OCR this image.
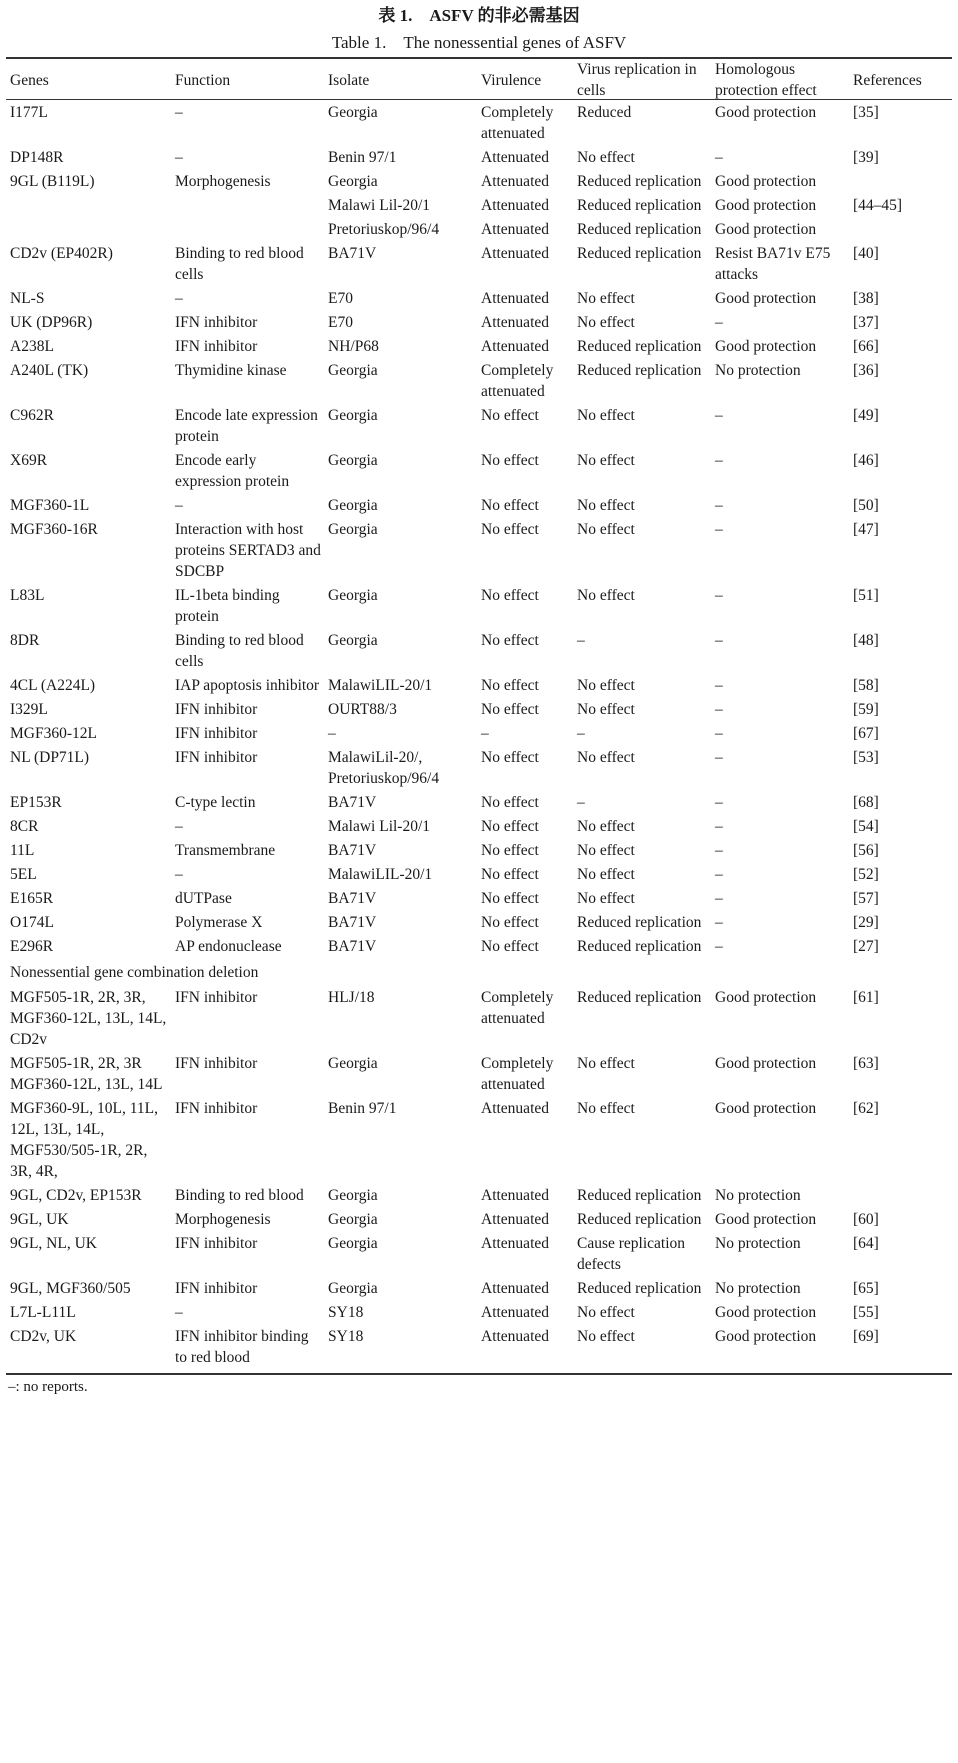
表 1.　ASFV 的非必需基因
Table 1.　The nonessential genes of ASFV
Genes	Function	Isolate	Virulence	Virus replication in cells	Homologous protection effect	References
I177L	–	Georgia	Completely attenuated	Reduced	Good protection	[35]
DP148R	–	Benin 97/1	Attenuated	No effect	–	[39]
9GL (B119L)	Morphogenesis	Georgia	Attenuated	Reduced replication	Good protection	
		Malawi Lil-20/1	Attenuated	Reduced replication	Good protection	[44–45]
		Pretoriuskop/96/4	Attenuated	Reduced replication	Good protection	
CD2v (EP402R)	Binding to red blood cells	BA71V	Attenuated	Reduced replication	Resist BA71v E75 attacks	[40]
NL-S	–	E70	Attenuated	No effect	Good protection	[38]
UK (DP96R)	IFN inhibitor	E70	Attenuated	No effect	–	[37]
A238L	IFN inhibitor	NH/P68	Attenuated	Reduced replication	Good protection	[66]
A240L (TK)	Thymidine kinase	Georgia	Completely attenuated	Reduced replication	No protection	[36]
C962R	Encode late expression protein	Georgia	No effect	No effect	–	[49]
X69R	Encode early expression protein	Georgia	No effect	No effect	–	[46]
MGF360-1L	–	Georgia	No effect	No effect	–	[50]
MGF360-16R	Interaction with host proteins SERTAD3 and SDCBP	Georgia	No effect	No effect	–	[47]
L83L	IL-1beta binding protein	Georgia	No effect	No effect	–	[51]
8DR	Binding to red blood cells	Georgia	No effect	–	–	[48]
4CL (A224L)	IAP apoptosis inhibitor	MalawiLIL-20/1	No effect	No effect	–	[58]
I329L	IFN inhibitor	OURT88/3	No effect	No effect	–	[59]
MGF360-12L	IFN inhibitor	–	–	–	–	[67]
NL (DP71L)	IFN inhibitor	MalawiLil-20/, Pretoriuskop/96/4	No effect	No effect	–	[53]
EP153R	C-type lectin	BA71V	No effect	–	–	[68]
8CR	–	Malawi Lil-20/1	No effect	No effect	–	[54]
11L	Transmembrane	BA71V	No effect	No effect	–	[56]
5EL	–	MalawiLIL-20/1	No effect	No effect	–	[52]
E165R	dUTPase	BA71V	No effect	No effect	–	[57]
O174L	Polymerase X	BA71V	No effect	Reduced replication	–	[29]
E296R	AP endonuclease	BA71V	No effect	Reduced replication	–	[27]
Nonessential gene combination deletion						
MGF505-1R, 2R, 3R, MGF360-12L, 13L, 14L, CD2v	IFN inhibitor	HLJ/18	Completely attenuated	Reduced replication	Good protection	[61]
MGF505-1R, 2R, 3R MGF360-12L, 13L, 14L	IFN inhibitor	Georgia	Completely attenuated	No effect	Good protection	[63]
MGF360-9L, 10L, 11L, 12L, 13L, 14L, MGF530/505-1R, 2R, 3R, 4R,	IFN inhibitor	Benin 97/1	Attenuated	No effect	Good protection	[62]
9GL, CD2v, EP153R	Binding to red blood	Georgia	Attenuated	Reduced replication	No protection	
9GL, UK	Morphogenesis	Georgia	Attenuated	Reduced replication	Good protection	[60]
9GL, NL, UK	IFN inhibitor	Georgia	Attenuated	Cause replication defects	No protection	[64]
9GL, MGF360/505	IFN inhibitor	Georgia	Attenuated	Reduced replication	No protection	[65]
L7L-L11L	–	SY18	Attenuated	No effect	Good protection	[55]
CD2v, UK	IFN inhibitor binding to red blood	SY18	Attenuated	No effect	Good protection	[69]
–: no reports.
